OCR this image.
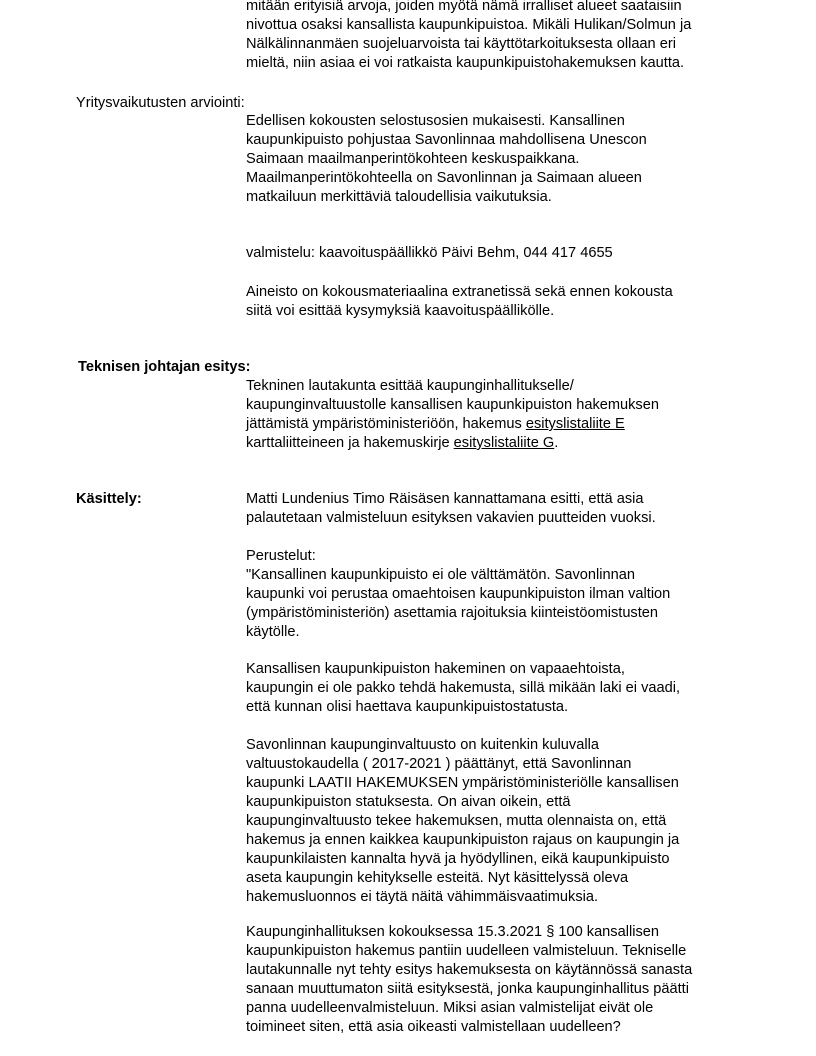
mitään erityisiä arvoja, joiden myötä nämä irralliset alueet saataisiin
nivottua osaksi kansallista kaupunkipuistoa. Mikäli Hulikan/Solmun ja
Nälkälinnanmäen suojeluarvoista tai käyttötarkoituksesta ollaan eri
mieltä, niin asiaa ei voi ratkaista kaupunkipuistohakemuksen kautta.

Yritysvaikutusten arviointi:

Edellisen kokousten selostusosien mukaisesti. Kansallinen
kaupunkipuisto pohjustaa Savonlinnaa mahdollisena Unescon
Saimaan maailmanperintökohteen keskuspaikkana.
Maailmanperintökohteella on Savonlinnan ja Saimaan alueen
matkailuun merkittäviä taloudellisia vaikutuksia.

valmistelu: kaavoituspäällikkö Päivi Behm, 044 417 4655

Aineisto on kokousmateriaalina extranetissä sekä ennen kokousta
siitä voi esittää kysymyksiä kaavoituspäällikölle.

Teknisen johtajan esitys:

Tekninen lautakunta esittää kaupunginhallitukselle/
kaupunginvaltuustolle kansallisen kaupunkipuiston hakemuksen
jättämistä ympäristöministeriöön, hakemus esityslistaliite E
karttaliitteineen ja hakemuskirje esityslistaliite G.

Käsittely:	Matti Lundenius Timo Räisäsen kannattamana esitti, että asia
palautetaan valmisteluun esityksen vakavien puutteiden vuoksi.
Perustelut:
"Kansallinen kaupunkipuisto ei ole välttämätön. Savonlinnan
kaupunki voi perustaa omaehtoisen kaupunkipuiston ilman valtion
(ympäristöministeriön) asettamia rajoituksia kiinteistöomistusten
käytölle.
Kansallisen kaupunkipuiston hakeminen on vapaaehtoista,
kaupungin ei ole pakko tehdä hakemusta, sillä mikään laki ei vaadi,
että kunnan olisi haettava kaupunkipuistostatusta.
Savonlinnan kaupunginvaltuusto on kuitenkin kuluvalla
valtuustokaudella ( 2017-2021 ) päättänyt, että Savonlinnan
kaupunki LAATII HAKEMUKSEN ympäristöministeriölle kansallisen
kaupunkipuiston statuksesta. On aivan oikein, että
kaupunginvaltuusto tekee hakemuksen, mutta olennaista on, että
hakemus ja ennen kaikkea kaupunkipuiston rajaus on kaupungin ja
kaupunkilaisten kannalta hyvä ja hyödyllinen, eikä kaupunkipuisto
aseta kaupungin kehitykselle esteitä. Nyt käsittelyssä oleva
hakemusluonnos ei täytä näitä vähimmäisvaatimuksia.
Kaupunginhallituksen kokouksessa 15.3.2021 § 100 kansallisen
kaupunkipuiston hakemus pantiin uudelleen valmisteluun. Tekniselle
lautakunnalle nyt tehty esitys hakemuksesta on käytännössä sanasta
sanaan muuttumaton siitä esityksestä, jonka kaupunginhallitus päätti
panna uudelleenvalmisteluun. Miksi asian valmistelijat eivät ole
toimineet siten, että asia oikeasti valmistellaan uudelleen?
